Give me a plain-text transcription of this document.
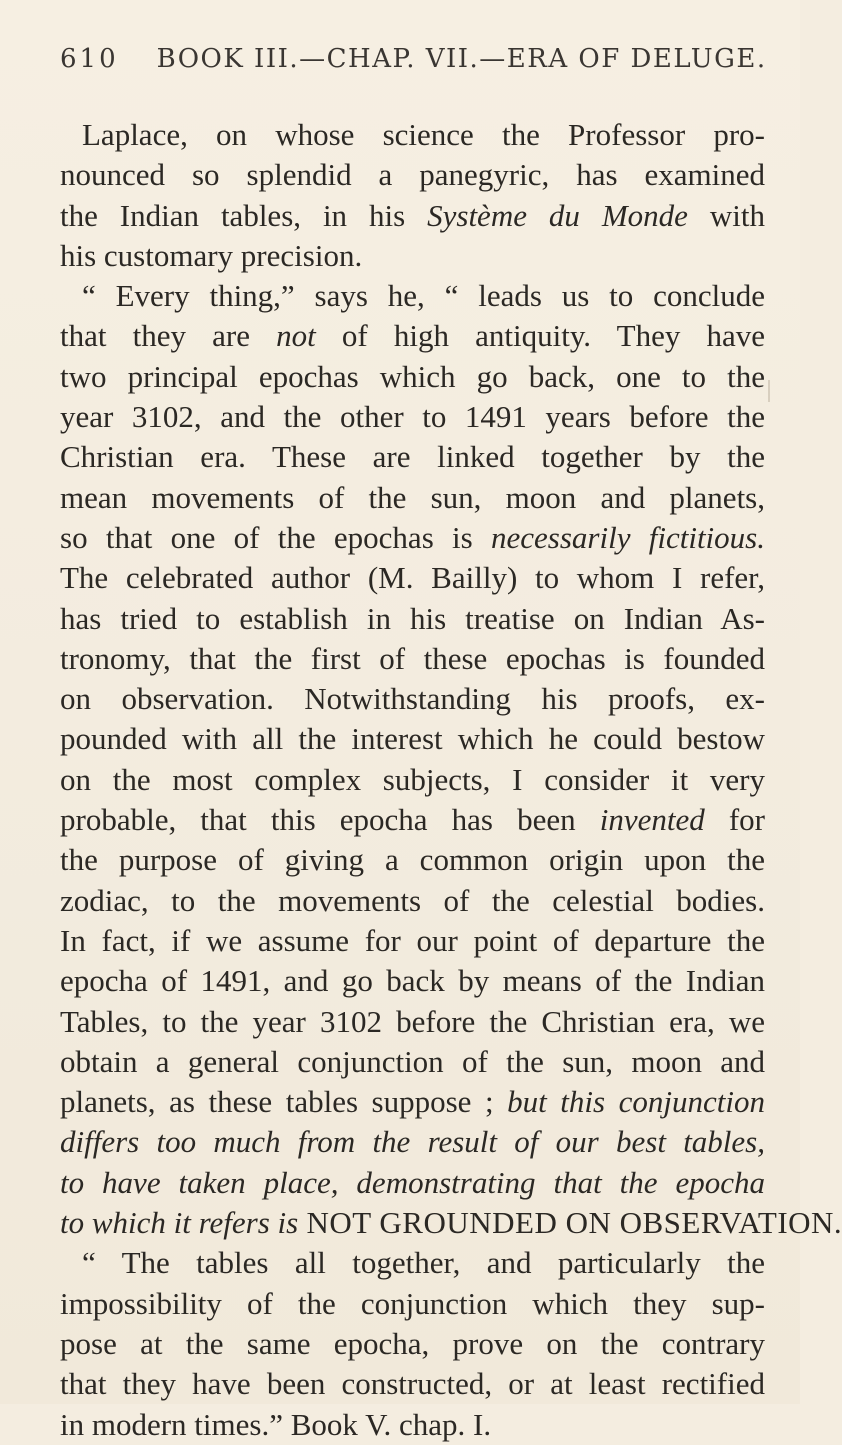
610 BOOK III.—CHAP. VII.—ERA OF DELUGE.
Laplace, on whose science the Professor pro-
nounced so splendid a panegyric, has examined
the Indian tables, in his Système du Monde with
his customary precision.
“ Every thing,” says he, “ leads us to conclude
that they are not of high antiquity. They have
two principal epochas which go back, one to the
year 3102, and the other to 1491 years before the
Christian era. These are linked together by the
mean movements of the sun, moon and planets,
so that one of the epochas is necessarily fictitious.
The celebrated author (M. Bailly) to whom I refer,
has tried to establish in his treatise on Indian As-
tronomy, that the first of these epochas is founded
on observation. Notwithstanding his proofs, ex-
pounded with all the interest which he could bestow
on the most complex subjects, I consider it very
probable, that this epocha has been invented for
the purpose of giving a common origin upon the
zodiac, to the movements of the celestial bodies.
In fact, if we assume for our point of departure the
epocha of 1491, and go back by means of the Indian
Tables, to the year 3102 before the Christian era, we
obtain a general conjunction of the sun, moon and
planets, as these tables suppose ; but this conjunction
differs too much from the result of our best tables,
to have taken place, demonstrating that the epocha
to which it refers is NOT GROUNDED ON OBSERVATION.
“ The tables all together, and particularly the
impossibility of the conjunction which they sup-
pose at the same epocha, prove on the contrary
that they have been constructed, or at least rectified
in modern times.” Book V. chap. I.
